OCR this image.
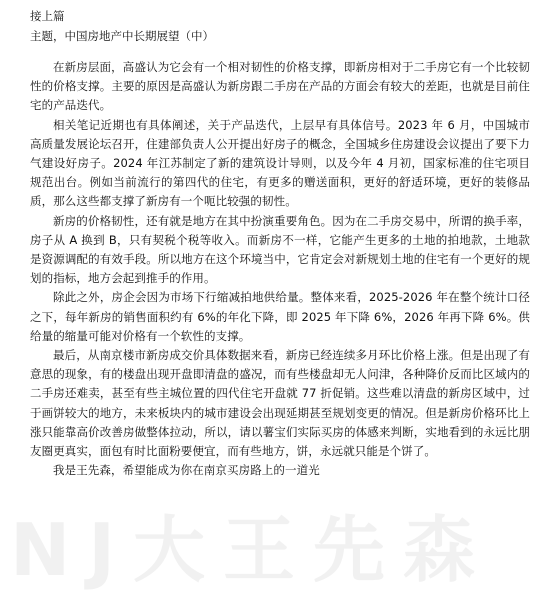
接上篇
主题，中国房地产中长期展望（中）

在新房层面，高盛认为它会有一个相对韧性的价格支撑，即新房相对于二手房它有一个比较韧性的价格支撑。主要的原因是高盛认为新房跟二手房在产品的方面会有较大的差距，也就是目前住宅的产品迭代。

相关笔记近期也有具体阐述，关于产品迭代，上层早有具体信号。2023 年 6 月，中国城市高质量发展论坛召开，住建部负责人公开提出好房子的概念，全国城乡住房建设会议提出了要下力气建设好房子。2024 年江苏制定了新的建筑设计导则，以及今年 4 月初，国家标准的住宅项目规范出台。例如当前流行的第四代的住宅，有更多的赠送面积，更好的舒适环境，更好的装修品质，那么这些都支撑了新房有一个呃比较强的韧性。

新房的价格韧性，还有就是地方在其中扮演重要角色。因为在二手房交易中，所谓的换手率，房子从 A 换到 B，只有契税个税等收入。而新房不一样，它能产生更多的土地的拍地款，土地款是资源调配的有效手段。所以地方在这个环境当中，它肯定会对新规划土地的住宅有一个更好的规划的指标，地方会起到推手的作用。

除此之外，房企会因为市场下行缩减拍地供给量。整体来看，2025-2026 年在整个统计口径之下，每年新房的销售面积约有 6%的年化下降，即 2025 年下降 6%，2026 年再下降 6%。供给量的缩量可能对价格有一个软性的支撑。

最后，从南京楼市新房成交价具体数据来看，新房已经连续多月环比价格上涨。但是出现了有意思的现象，有的楼盘出现开盘即清盘的盛况，而有些楼盘却无人问津，各种降价反而比区域内的二手房还难卖，甚至有些主城位置的四代住宅开盘就 77 折促销。这些难以清盘的新房区域中，过于画饼较大的地方，未来板块内的城市建设会出现延期甚至规划变更的情况。但是新房价格环比上涨只能靠高价改善房做整体拉动，所以，请以薯宝们实际买房的体感来判断，实地看到的永远比朋友圈更真实，面包有时比面粉要便宜，而有些地方，饼，永远就只能是个饼了。

我是王先森，希望能成为你在南京买房路上的一道光

NJ大王先森
